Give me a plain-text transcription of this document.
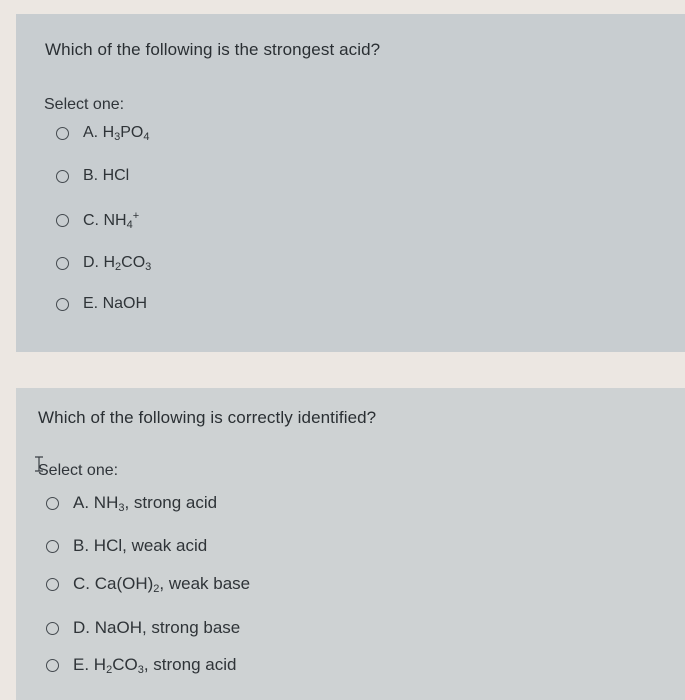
Which of the following is the strongest acid?
Select one:
A. $H_3PO_4$
B. HCl
C. $NH_4^+$
D. $H_2CO_3$
E. NaOH
Which of the following is correctly identified?
Select one:
A. $NH_3$, strong acid
B. HCl, weak acid
C. $Ca(OH)_2$, weak base
D. NaOH, strong base
E. $H_2CO_3$, strong acid
